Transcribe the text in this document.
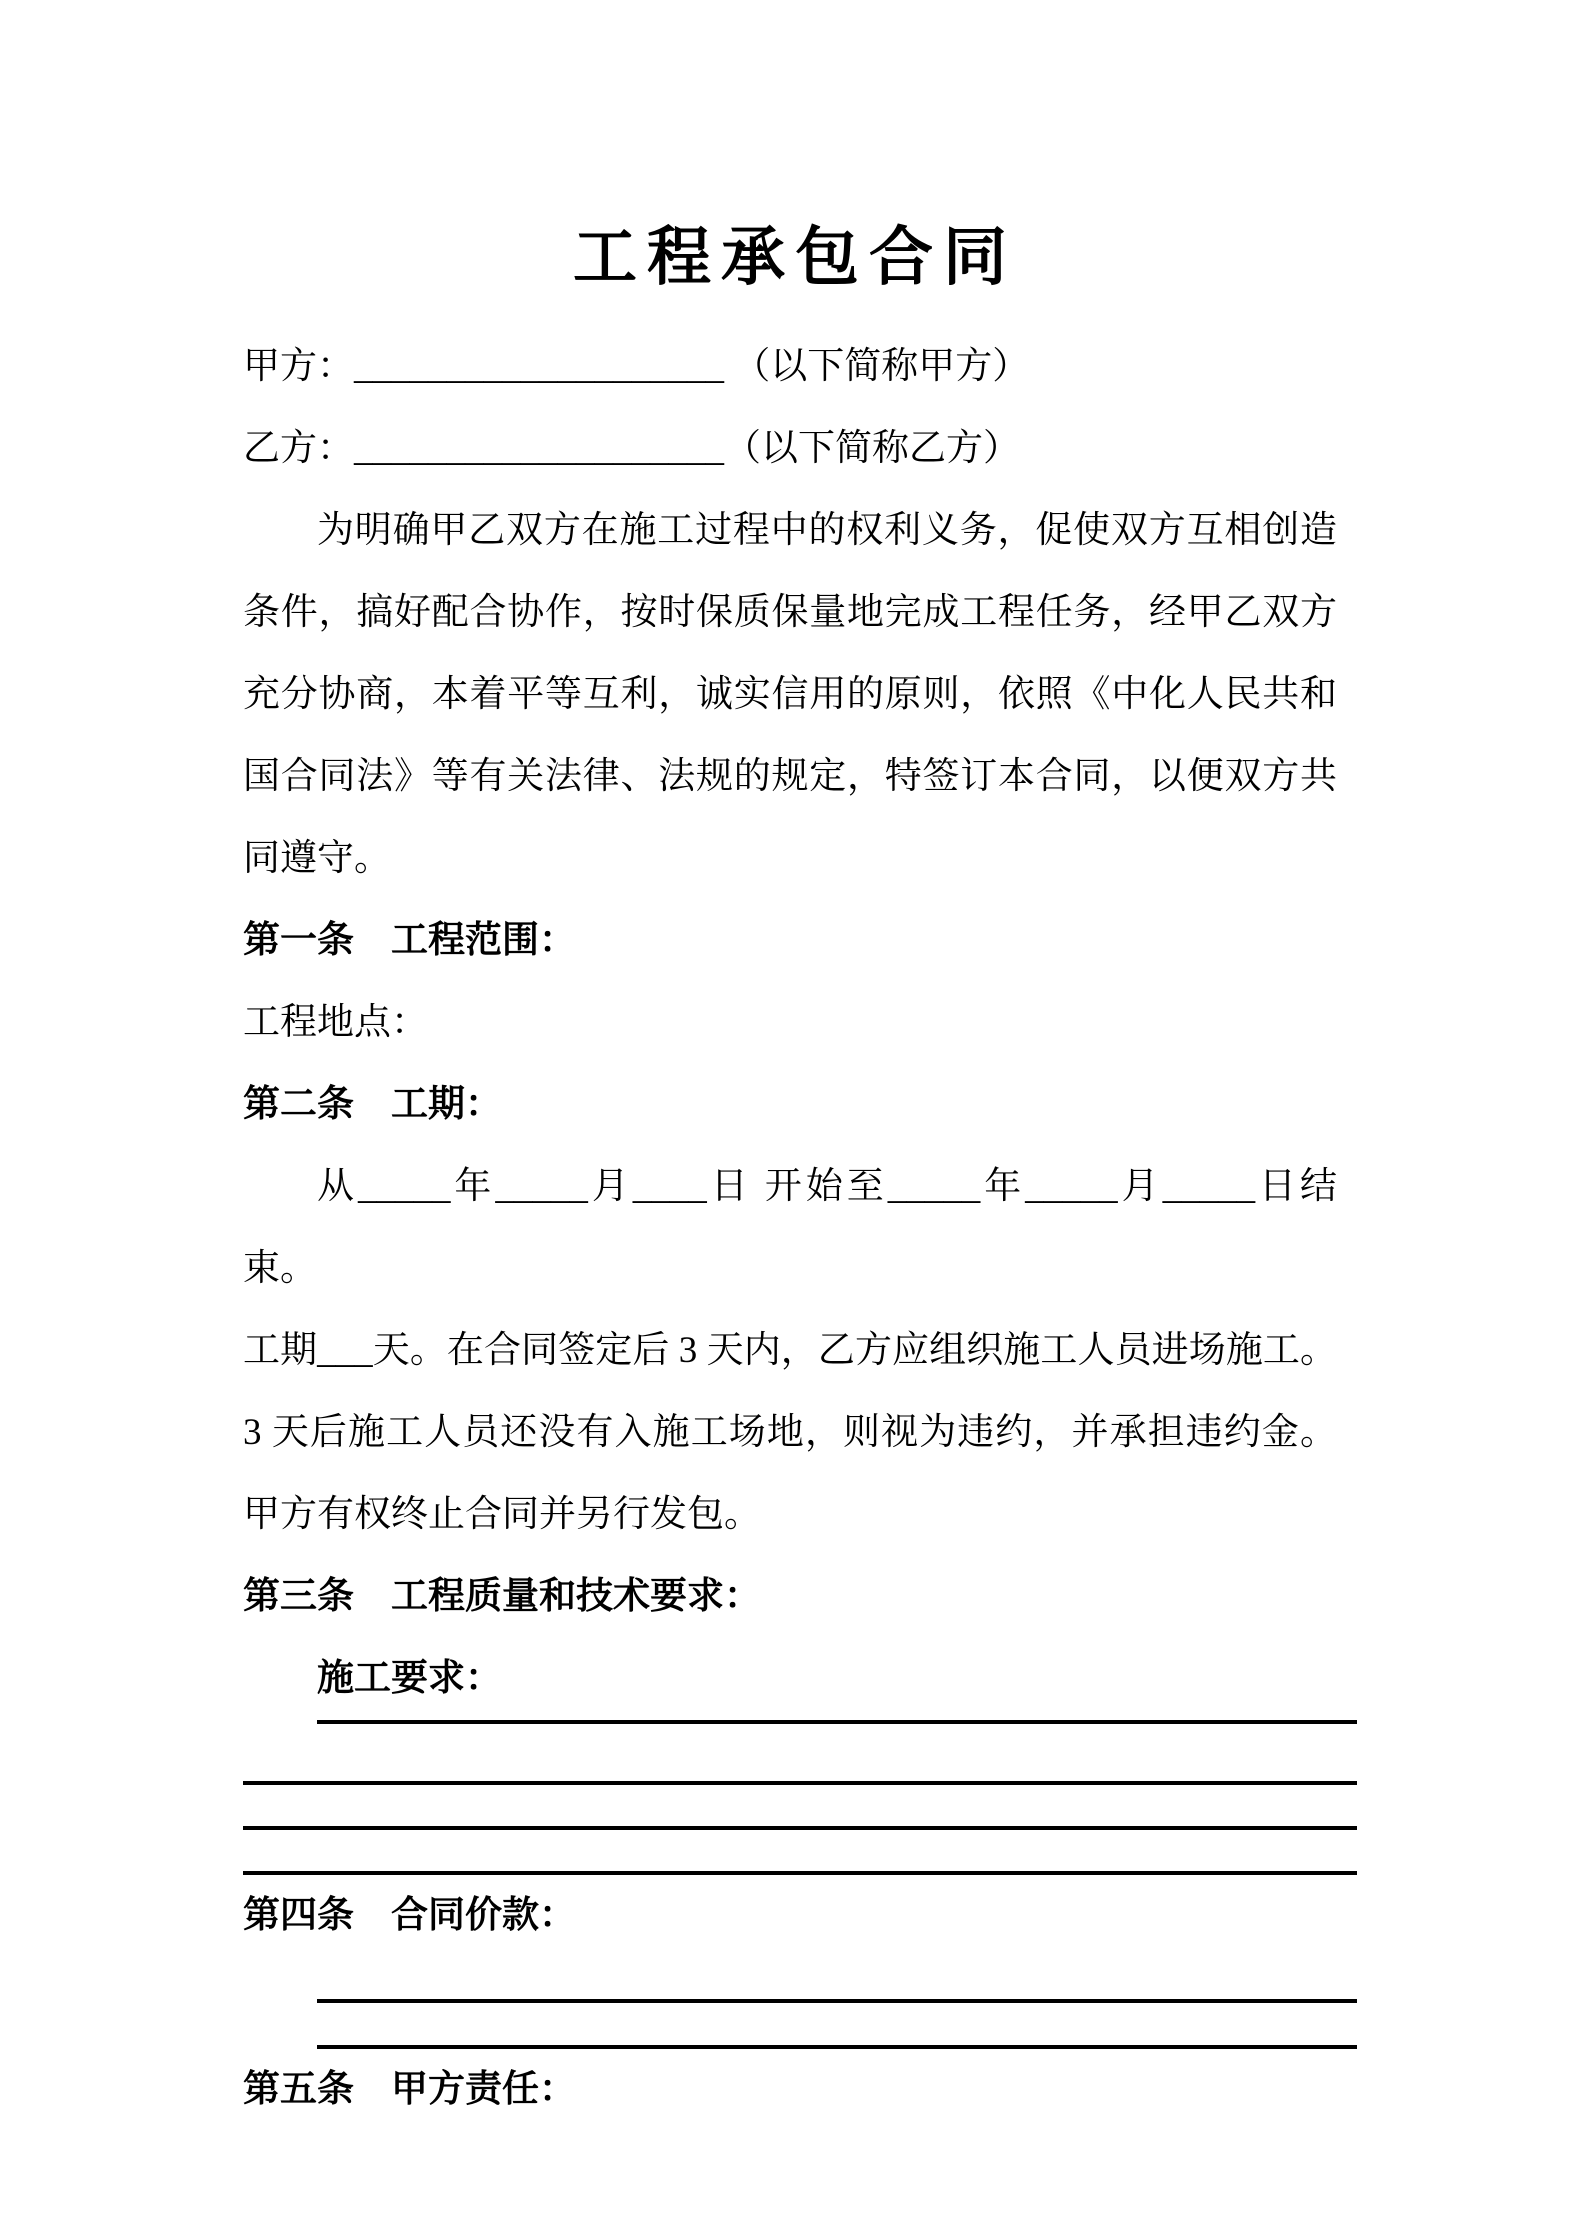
工程承包合同
甲方：____________________ （以下简称甲方）
乙方：____________________（以下简称乙方）

为明确甲乙双方在施工过程中的权利义务，促使双方互相创造条件，搞好配合协作，按时保质保量地完成工程任务，经甲乙双方充分协商，本着平等互利，诚实信用的原则，依照《中化人民共和国合同法》等有关法律、法规的规定，特签订本合同，以便双方共同遵守。

第一条　工程范围：
工程地点：
第二条　工期：

从_____年_____月____日 开始至_____年_____月_____日结束。

工期___天。在合同签定后 3 天内，乙方应组织施工人员进场施工。3 天后施工人员还没有入施工场地，则视为违约，并承担违约金。甲方有权终止合同并另行发包。

第三条　工程质量和技术要求：
施工要求：
第四条　合同价款：
第五条　甲方责任：
